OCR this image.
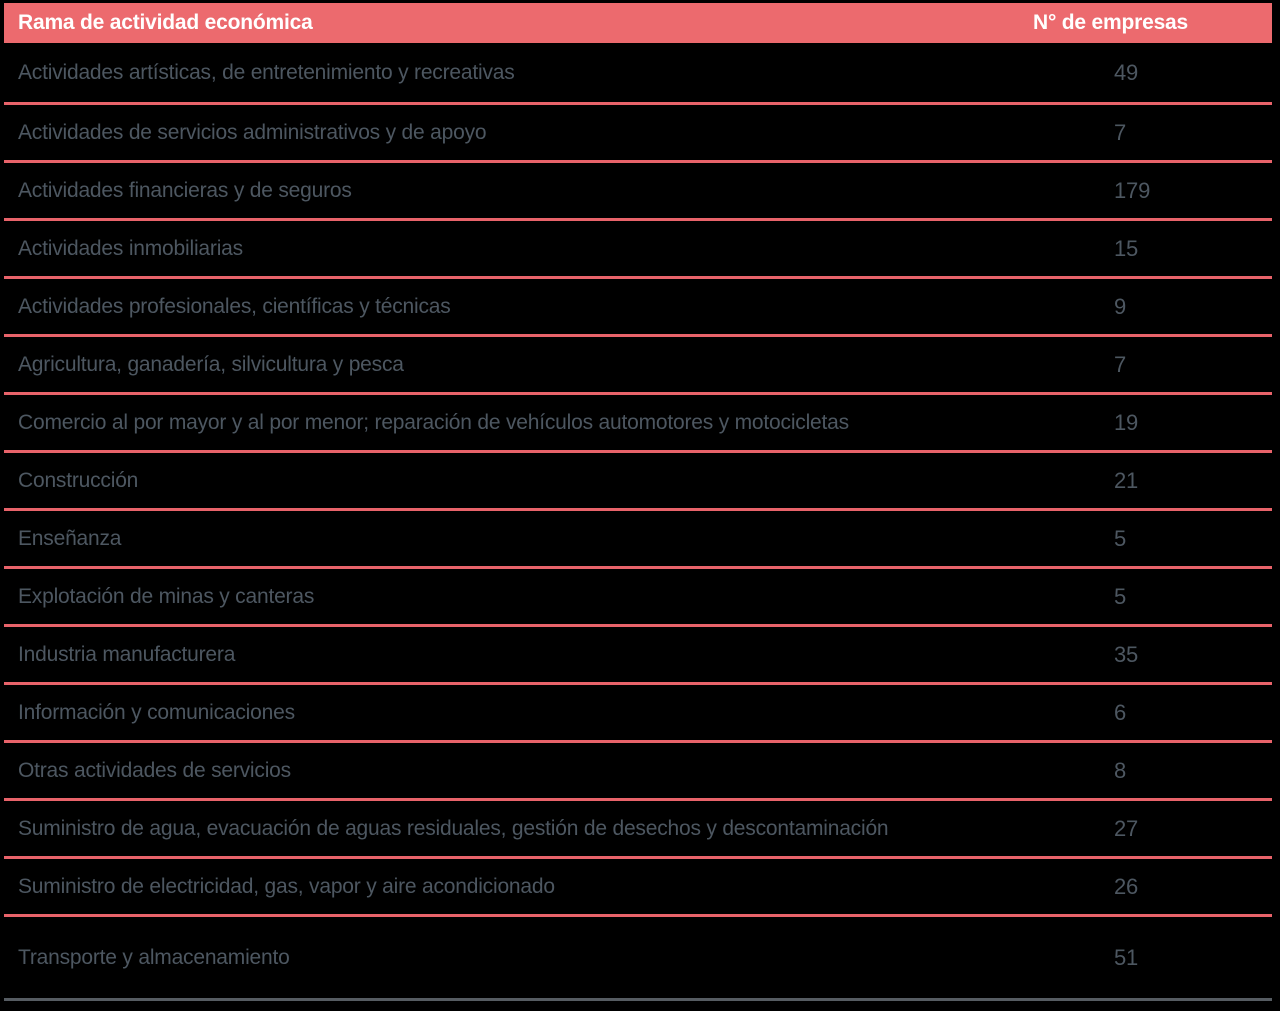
Rama de actividad económica	N° de empresas
Actividades artísticas, de entretenimiento y recreativas	49
Actividades de servicios administrativos y de apoyo	7
Actividades financieras y de seguros	179
Actividades inmobiliarias	15
Actividades profesionales, científicas y técnicas	9
Agricultura, ganadería, silvicultura y pesca	7
Comercio al por mayor y al por menor; reparación de vehículos automotores y motocicletas	19
Construcción	21
Enseñanza	5
Explotación de minas y canteras	5
Industria manufacturera	35
Información y comunicaciones	6
Otras actividades de servicios	8
Suministro de agua, evacuación de aguas residuales, gestión de desechos y descontaminación	27
Suministro de electricidad, gas, vapor y aire acondicionado	26
Transporte y almacenamiento	51
